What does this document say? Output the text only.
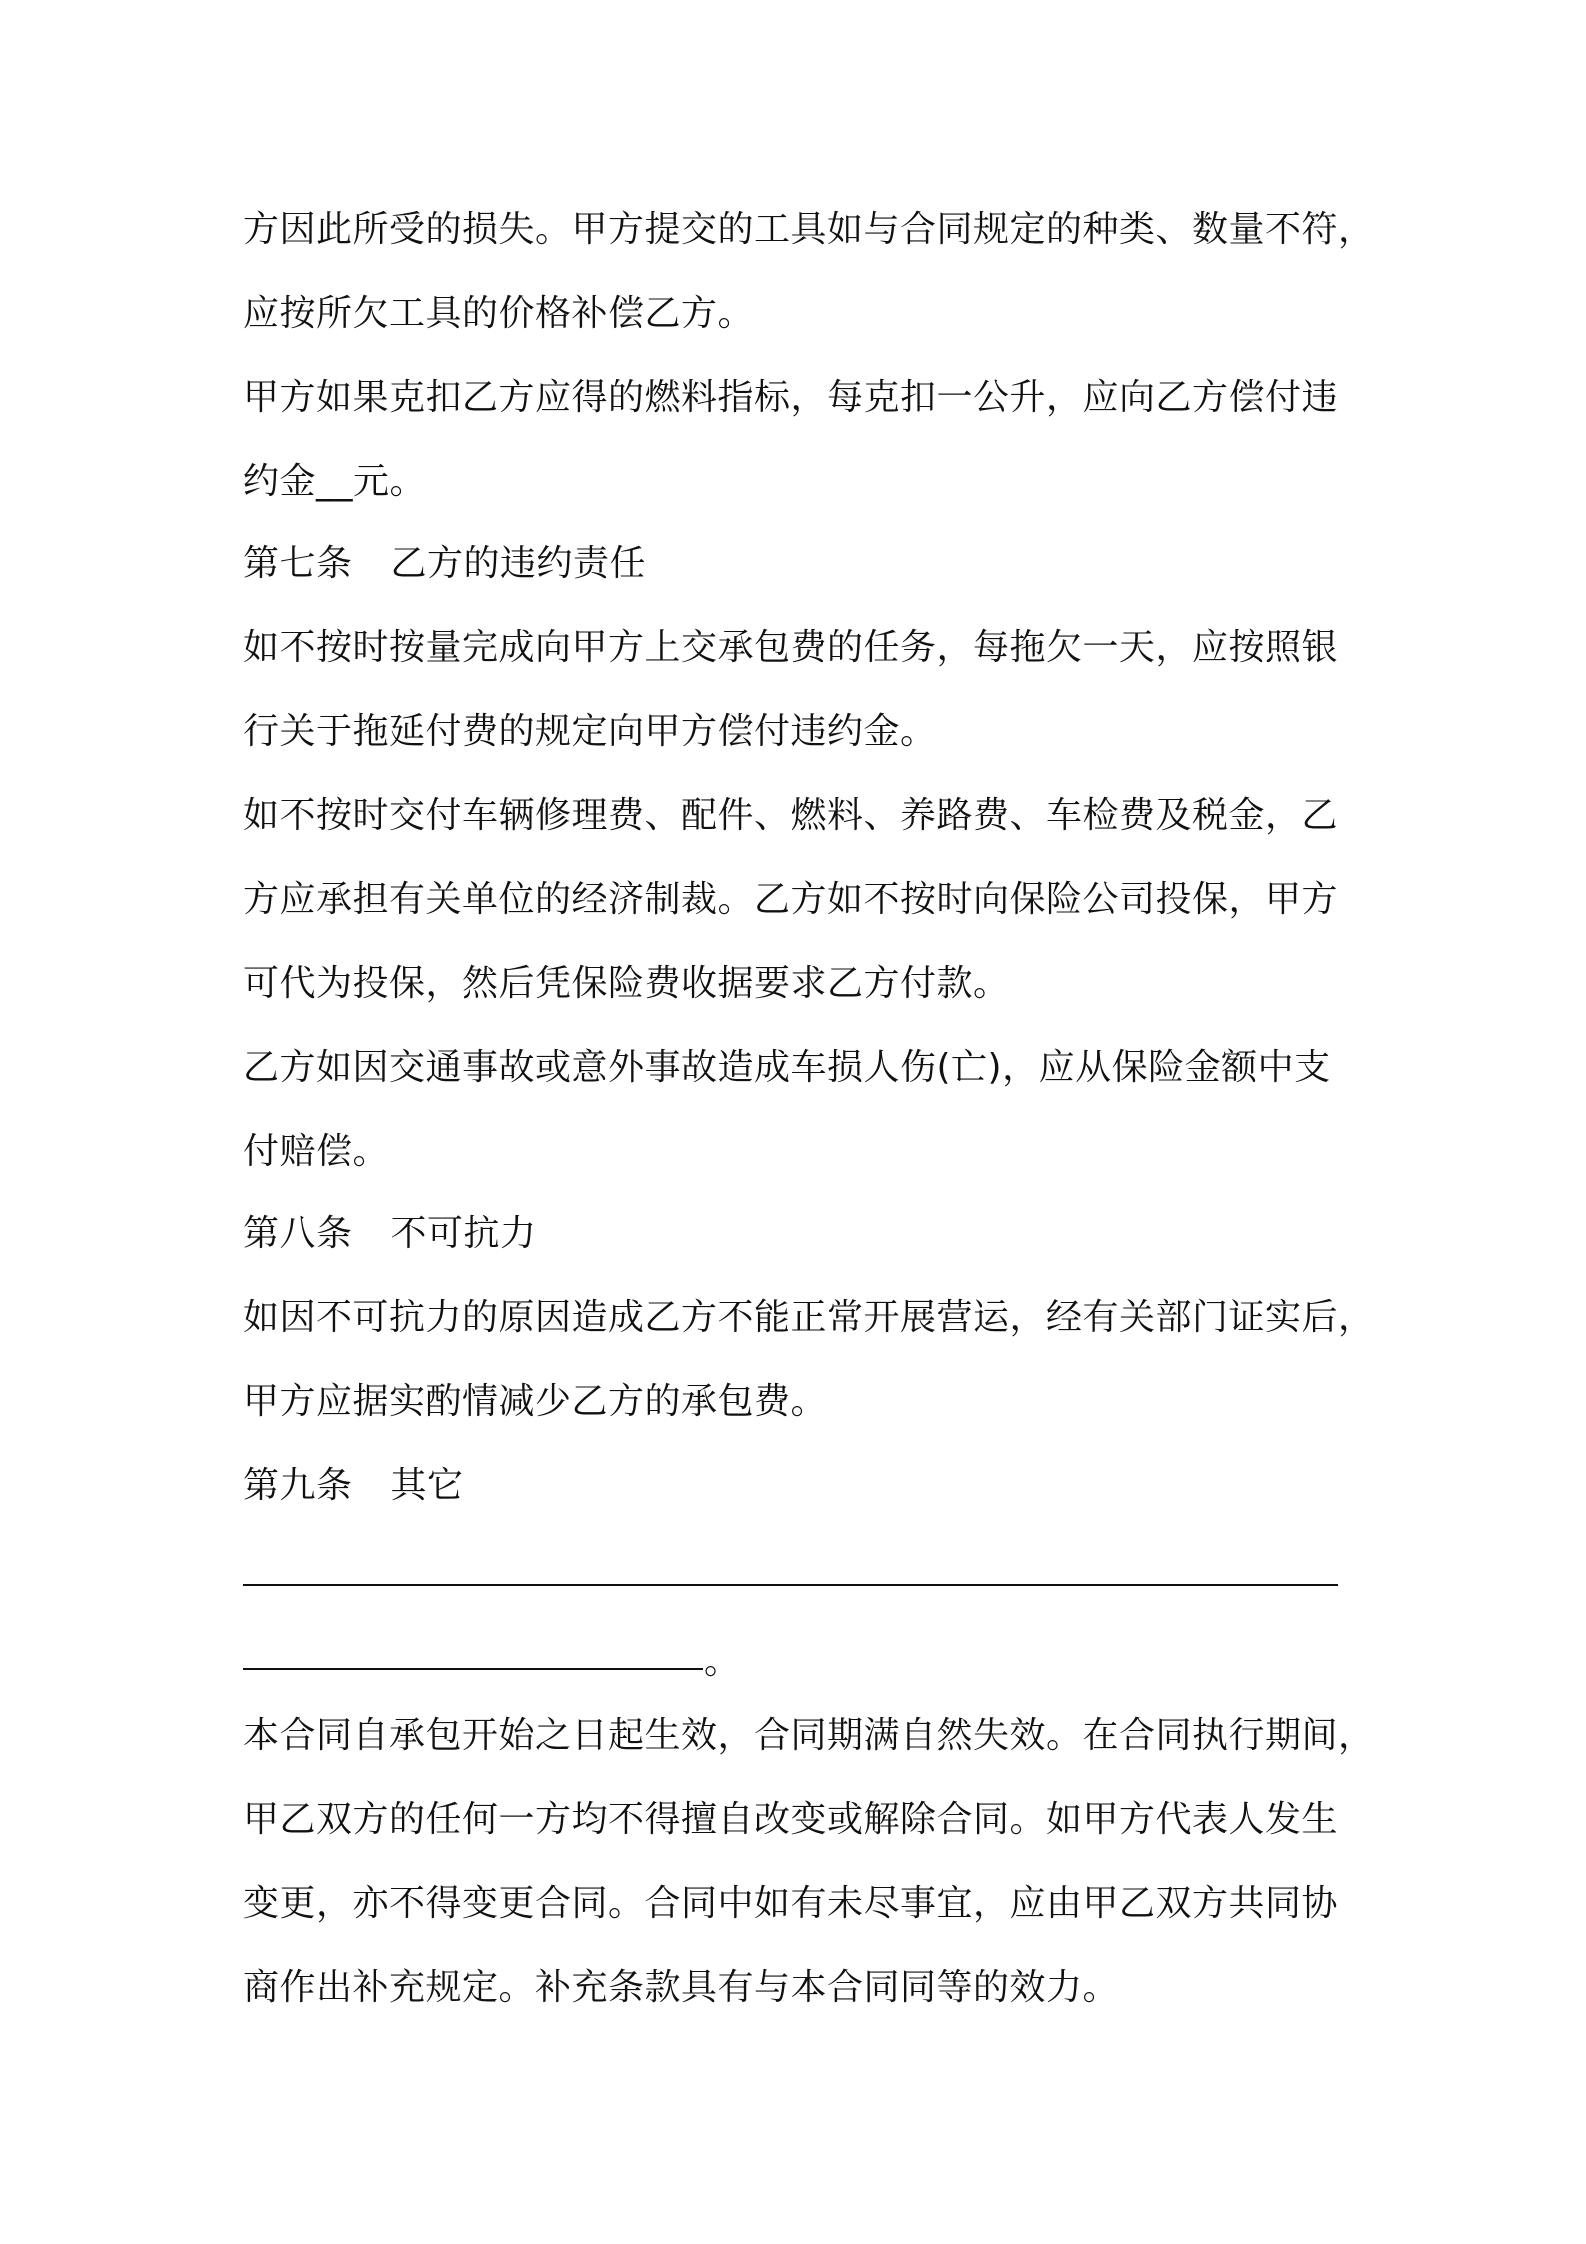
方因此所受的损失。甲方提交的工具如与合同规定的种类、数量不符，
应按所欠工具的价格补偿乙方。
甲方如果克扣乙方应得的燃料指标，每克扣一公升，应向乙方偿付违
约金__元。
第七条 乙方的违约责任
如不按时按量完成向甲方上交承包费的任务，每拖欠一天，应按照银
行关于拖延付费的规定向甲方偿付违约金。
如不按时交付车辆修理费、配件、燃料、养路费、车检费及税金，乙
方应承担有关单位的经济制裁。乙方如不按时向保险公司投保，甲方
可代为投保，然后凭保险费收据要求乙方付款。
乙方如因交通事故或意外事故造成车损人伤(亡)，应从保险金额中支
付赔偿。
第八条 不可抗力
如因不可抗力的原因造成乙方不能正常开展营运，经有关部门证实后，
甲方应据实酌情减少乙方的承包费。
第九条 其它
。
本合同自承包开始之日起生效，合同期满自然失效。在合同执行期间，
甲乙双方的任何一方均不得擅自改变或解除合同。如甲方代表人发生
变更，亦不得变更合同。合同中如有未尽事宜，应由甲乙双方共同协
商作出补充规定。补充条款具有与本合同同等的效力。
